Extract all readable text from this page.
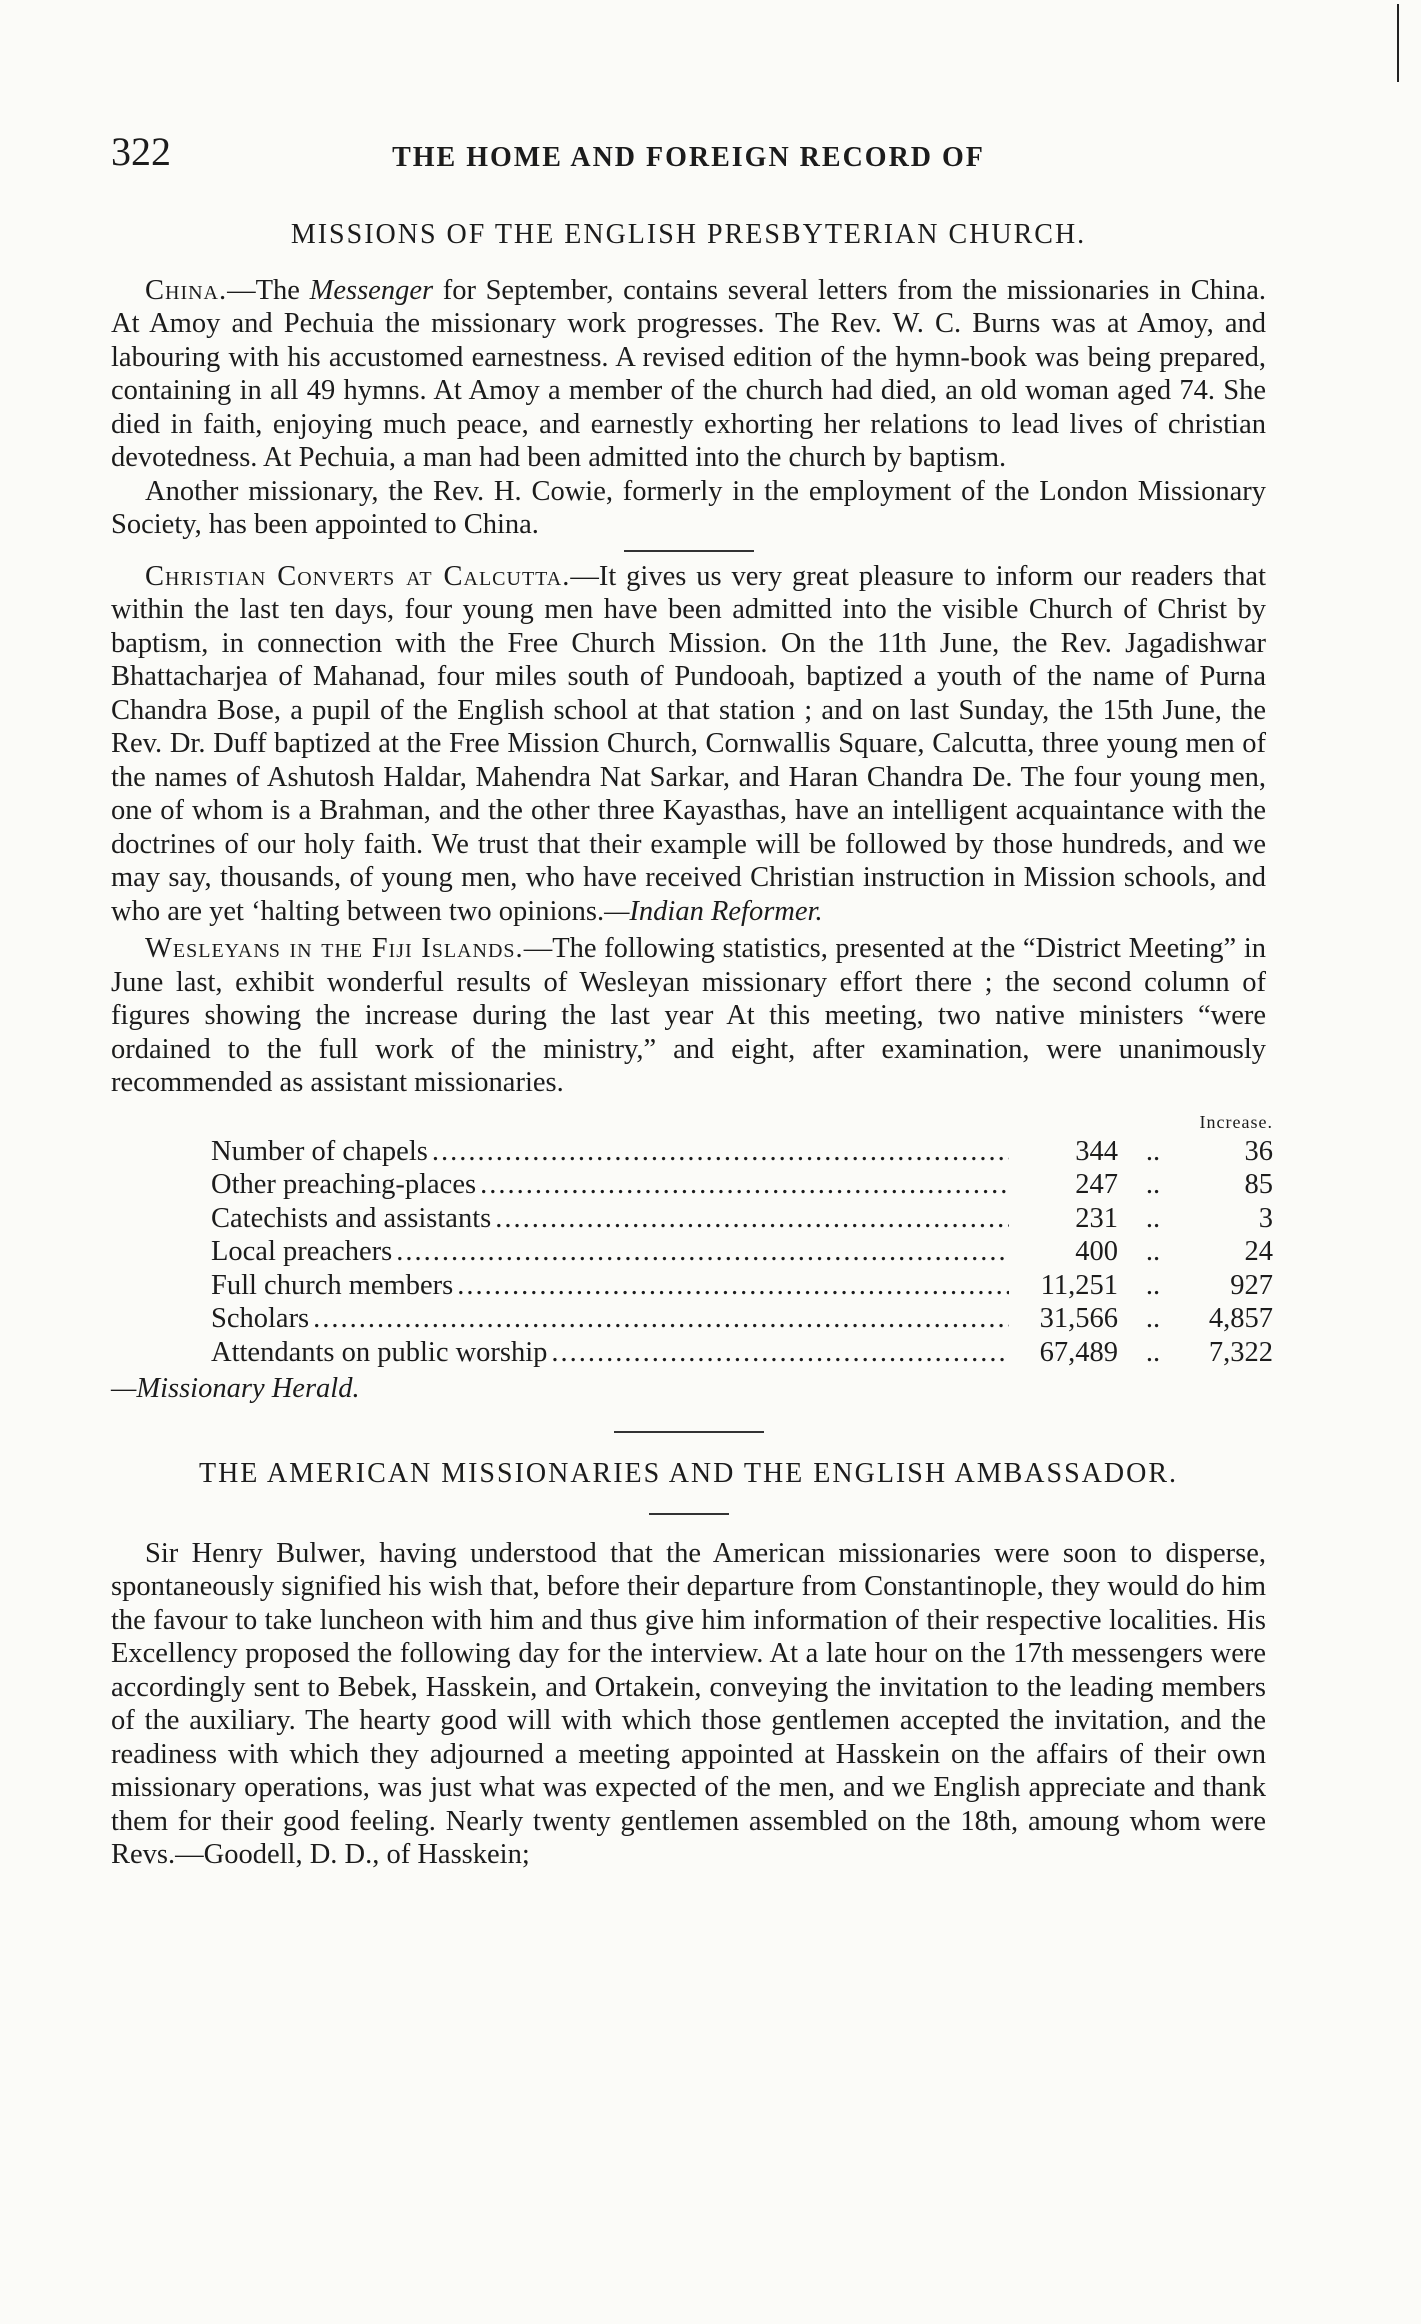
322	THE HOME AND FOREIGN RECORD OF
MISSIONS OF THE ENGLISH PRESBYTERIAN CHURCH.

China.—The Messenger for September, contains several letters from the missionaries in China. At Amoy and Pechuia the missionary work progresses. The Rev. W. C. Burns was at Amoy, and labouring with his accustomed earnestness. A revised edition of the hymn-book was being prepared, containing in all 49 hymns. At Amoy a member of the church had died, an old woman aged 74. She died in faith, enjoying much peace, and earnestly exhorting her relations to lead lives of christian devotedness. At Pechuia, a man had been admitted into the church by baptism.

Another missionary, the Rev. H. Cowie, formerly in the employment of the London Missionary Society, has been appointed to China.

Christian Converts at Calcutta.—It gives us very great pleasure to inform our readers that within the last ten days, four young men have been admitted into the visible Church of Christ by baptism, in connection with the Free Church Mission. On the 11th June, the Rev. Jagadishwar Bhattacharjea of Mahanad, four miles south of Pundooah, baptized a youth of the name of Purna Chandra Bose, a pupil of the English school at that station ; and on last Sunday, the 15th June, the Rev. Dr. Duff baptized at the Free Mission Church, Cornwallis Square, Calcutta, three young men of the names of Ashutosh Haldar, Mahendra Nat Sarkar, and Haran Chandra De. The four young men, one of whom is a Brahman, and the other three Kayasthas, have an intelligent acquaintance with the doctrines of our holy faith. We trust that their example will be followed by those hundreds, and we may say, thousands, of young men, who have received Christian instruction in Mission schools, and who are yet ‘halting between two opinions.—Indian Reformer.

Wesleyans in the Fiji Islands.—The following statistics, presented at the “District Meeting” in June last, exhibit wonderful results of Wesleyan missionary effort there ; the second column of figures showing the increase during the last year At this meeting, two native ministers “were ordained to the full work of the ministry,” and eight, after examination, were unanimously recommended as assistant missionaries.

Increase.
Number of chapels .....	344 ..	36
Other preaching-places .....	247 ..	85
Catechists and assistants .....	231 ..	3
Local preachers .....	400 ..	24
Full church members .....	11,251 ..	927
Scholars .....	31,566 ..	4,857
Attendants on public worship .....	67,489 ..	7,322
—Missionary Herald.
THE AMERICAN MISSIONARIES AND THE ENGLISH AMBASSADOR.

Sir Henry Bulwer, having understood that the American missionaries were soon to disperse, spontaneously signified his wish that, before their departure from Constantinople, they would do him the favour to take luncheon with him and thus give him information of their respective localities. His Excellency proposed the following day for the interview. At a late hour on the 17th messengers were accordingly sent to Bebek, Hasskein, and Ortakein, conveying the invitation to the leading members of the auxiliary. The hearty good will with which those gentlemen accepted the invitation, and the readiness with which they adjourned a meeting appointed at Hasskein on the affairs of their own missionary operations, was just what was expected of the men, and we English appreciate and thank them for their good feeling. Nearly twenty gentlemen assembled on the 18th, amoung whom were Revs.—Goodell, D. D., of Hasskein;
